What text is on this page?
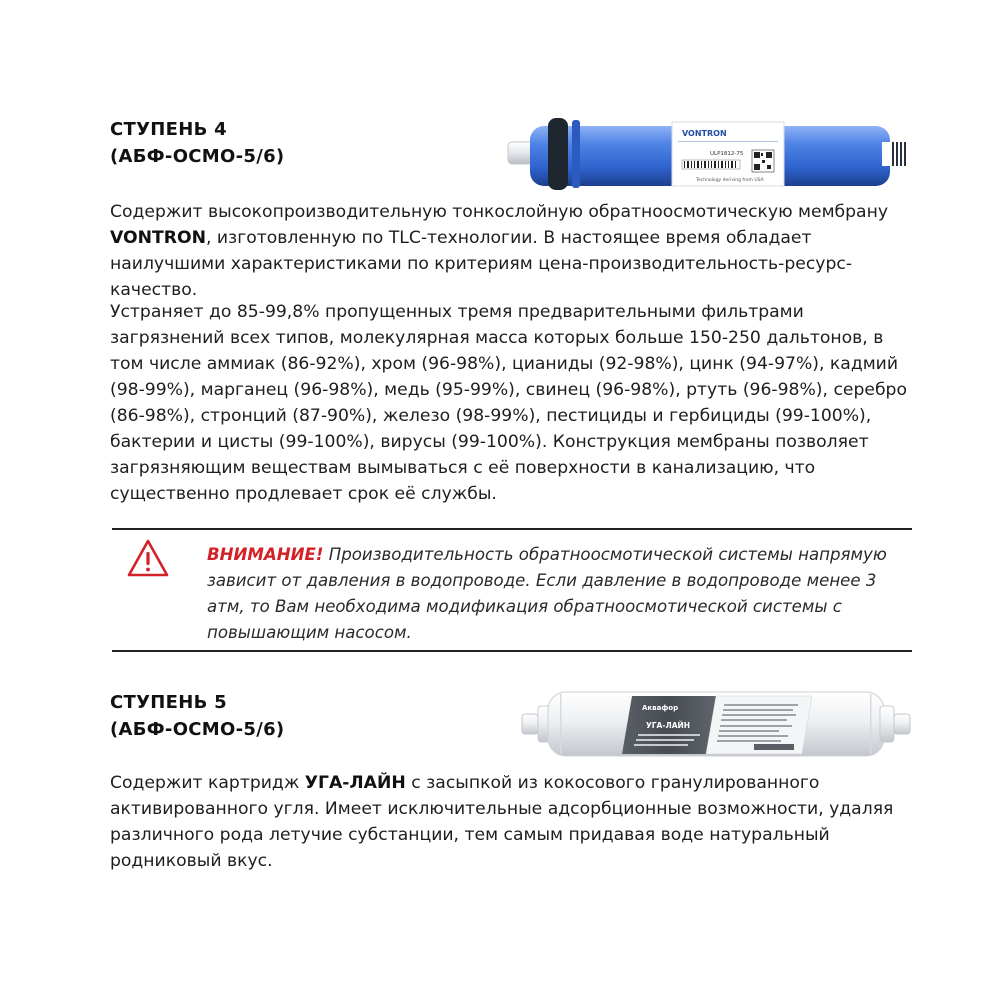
СТУПЕНЬ 4
(АБФ-ОСМО-5/6)
VONTRON
ULP1812-75
Technology deriving from USA

Содержит высокопроизводительную тонкослойную обратноосмотическую мембрану VONTRON, изготовленную по TLC-технологии. В настоящее время обладает наилучшими характеристиками по критериям цена-производительность-ресурс-качество.

Устраняет до 85-99,8% пропущенных тремя предварительными фильтрами загрязнений всех типов, молекулярная масса которых больше 150-250 дальтонов, в том числе аммиак (86-92%), хром (96-98%), цианиды (92-98%), цинк (94-97%), кадмий (98-99%), марганец (96-98%), медь (95-99%), свинец (96-98%), ртуть (96-98%), серебро (86-98%), стронций (87-90%), железо (98-99%), пестициды и гербициды (99-100%), бактерии и цисты (99-100%), вирусы (99-100%). Конструкция мембраны позволяет загрязняющим веществам вымываться с её поверхности в канализацию, что существенно продлевает срок её службы.

ВНИМАНИЕ! Производительность обратноосмотической системы напрямую зависит от давления в водопроводе. Если давление в водопроводе менее 3 атм, то Вам необходима модификация обратноосмотической системы с повышающим насосом.

СТУПЕНЬ 5
(АБФ-ОСМО-5/6)
Аквафор
УГА-ЛАЙН

Содержит картридж УГА-ЛАЙН с засыпкой из кокосового гранулированного активированного угля. Имеет исключительные адсорбционные возможности, удаляя различного рода летучие субстанции, тем самым придавая воде натуральный родниковый вкус.
